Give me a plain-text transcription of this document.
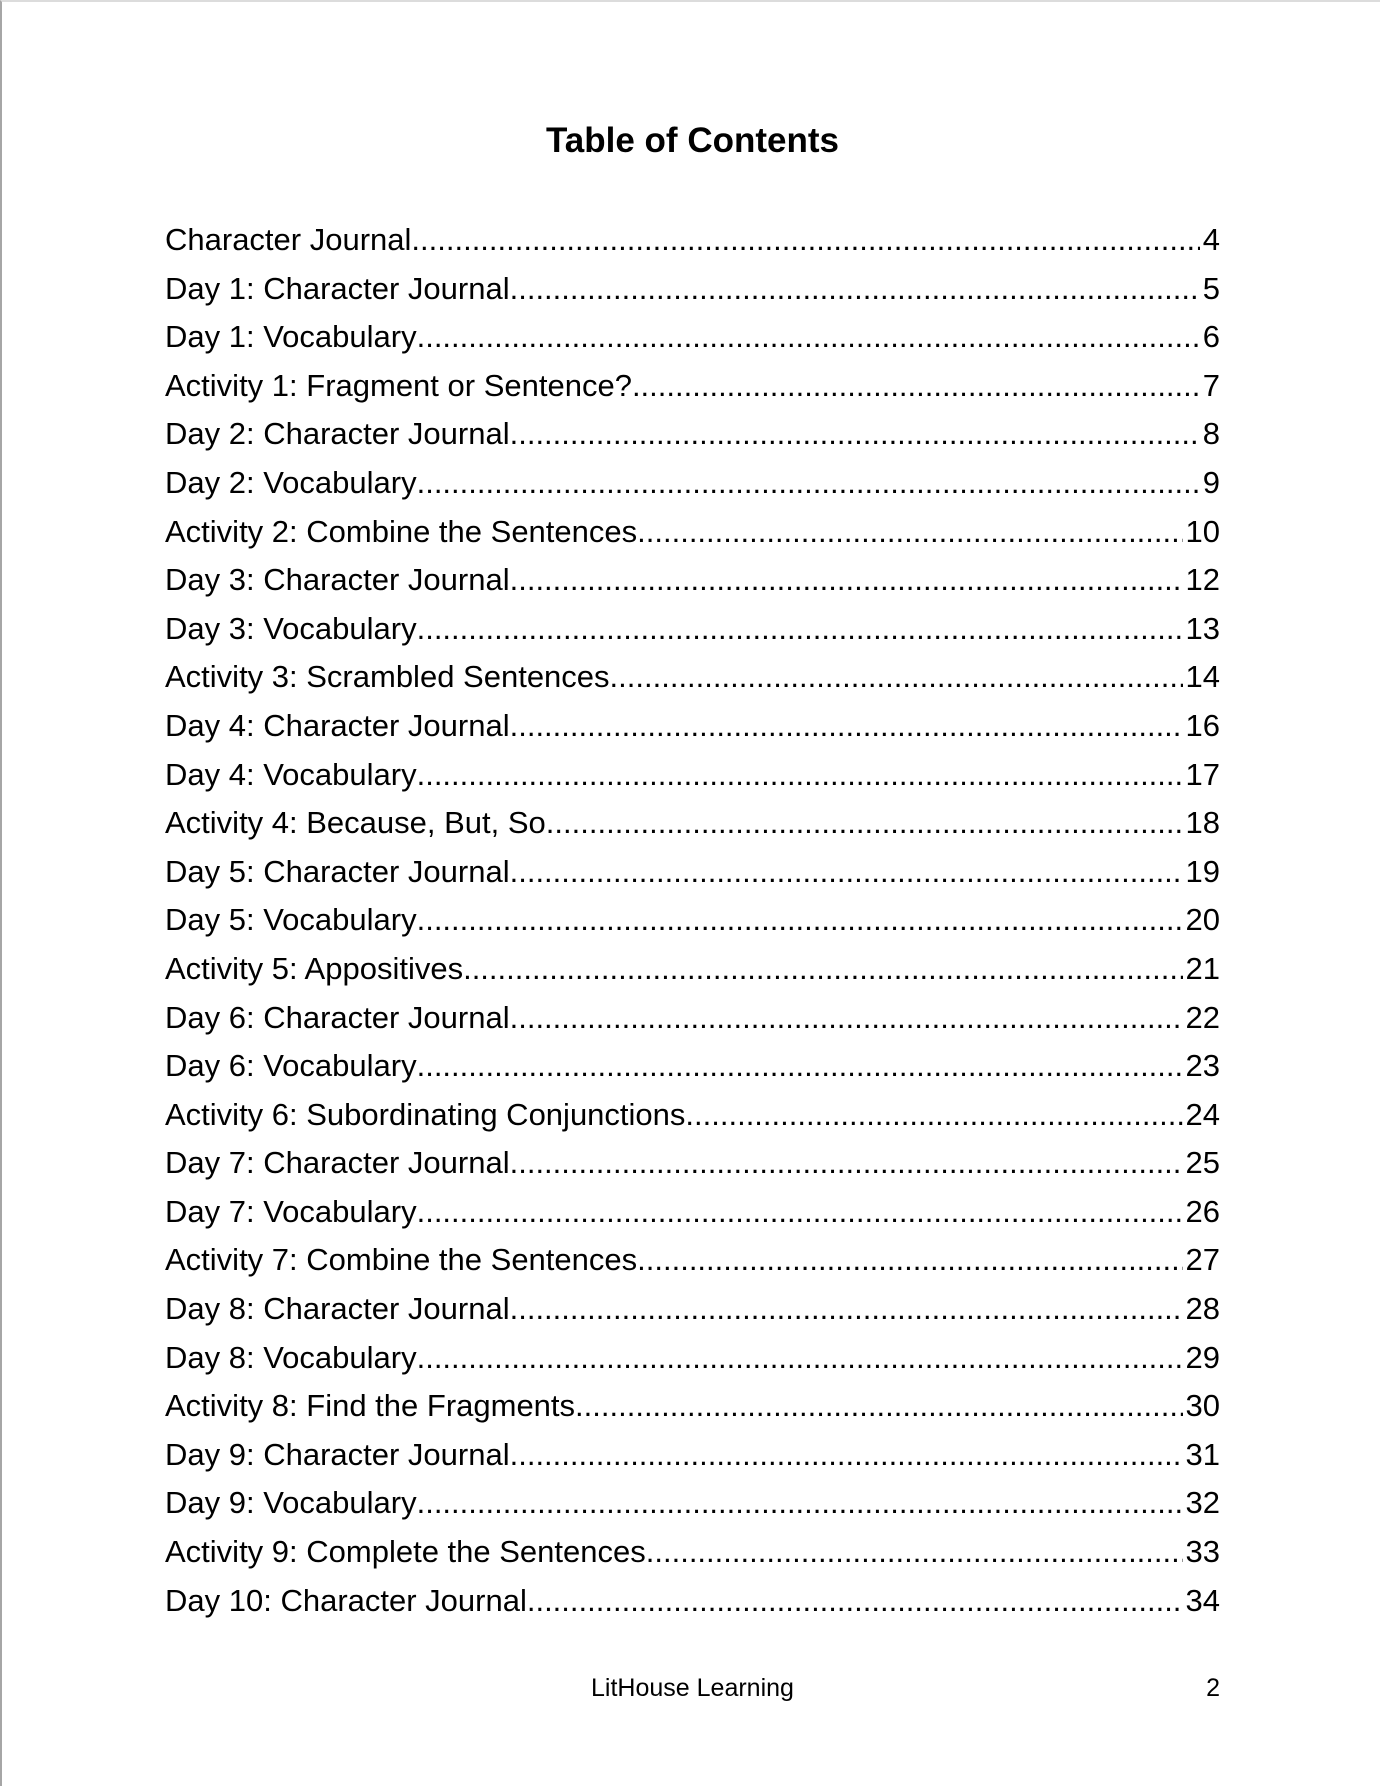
Table of Contents
Character Journal .....	4
Day 1: Character Journal .....	5
Day 1: Vocabulary .....	6
Activity 1: Fragment or Sentence? .....	7
Day 2: Character Journal .....	8
Day 2: Vocabulary .....	9
Activity 2: Combine the Sentences .....	10
Day 3: Character Journal .....	12
Day 3: Vocabulary .....	13
Activity 3: Scrambled Sentences .....	14
Day 4: Character Journal .....	16
Day 4: Vocabulary .....	17
Activity 4: Because, But, So .....	18
Day 5: Character Journal .....	19
Day 5: Vocabulary .....	20
Activity 5: Appositives .....	21
Day 6: Character Journal .....	22
Day 6: Vocabulary .....	23
Activity 6: Subordinating Conjunctions .....	24
Day 7: Character Journal .....	25
Day 7: Vocabulary .....	26
Activity 7: Combine the Sentences .....	27
Day 8: Character Journal .....	28
Day 8: Vocabulary .....	29
Activity 8: Find the Fragments .....	30
Day 9: Character Journal .....	31
Day 9: Vocabulary .....	32
Activity 9: Complete the Sentences .....	33
Day 10: Character Journal .....	34
LitHouse Learning	2
